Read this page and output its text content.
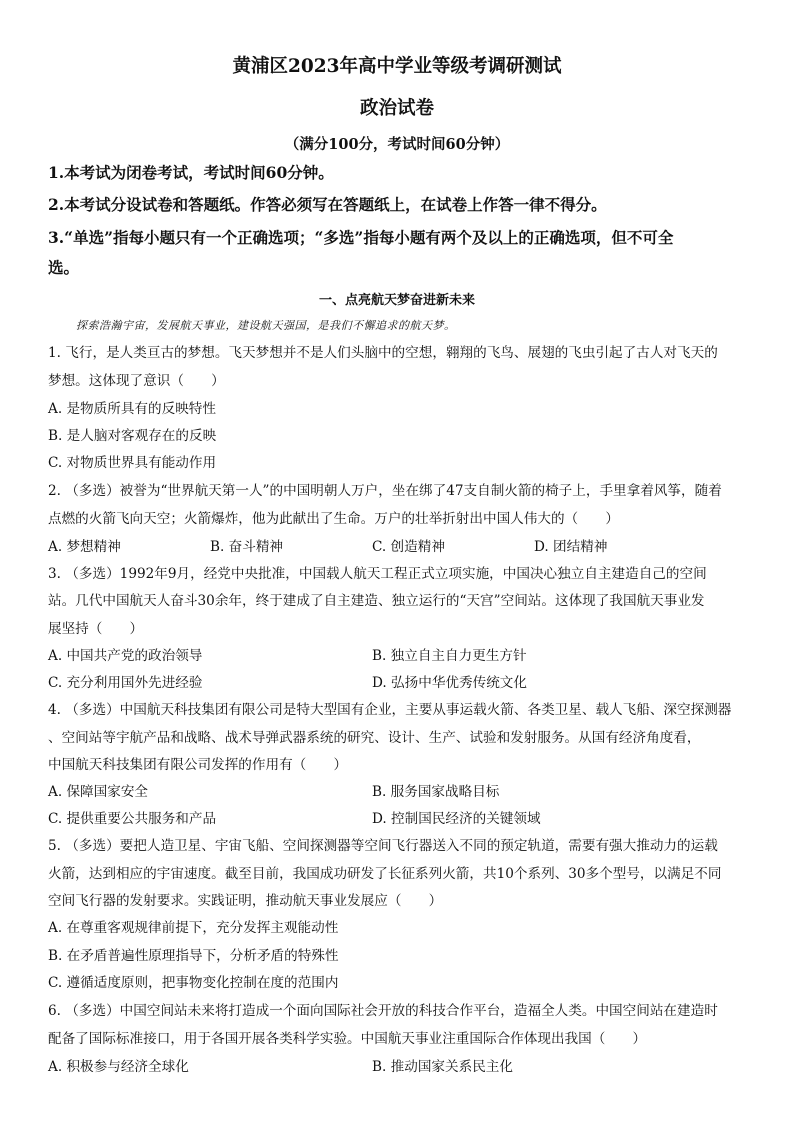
黄浦区2023年高中学业等级考调研测试
政治试卷
（满分100分，考试时间60分钟）
1.本考试为闭卷考试，考试时间60分钟。
2.本考试分设试卷和答题纸。作答必须写在答题纸上，在试卷上作答一律不得分。
3.“单选”指每小题只有一个正确选项；“多选”指每小题有两个及以上的正确选项，但不可全
选。
一、点亮航天梦奋进新未来
探索浩瀚宇宙，发展航天事业，建设航天强国，是我们不懈追求的航天梦。
1. 飞行，是人类亘古的梦想。飞天梦想并不是人们头脑中的空想，翱翔的飞鸟、展翅的飞虫引起了古人对飞天的
梦想。这体现了意识（　　）
A. 是物质所具有的反映特性
B. 是人脑对客观存在的反映
C. 对物质世界具有能动作用
2. （多选）被誉为“世界航天第一人”的中国明朝人万户，坐在绑了47支自制火箭的椅子上，手里拿着风筝，随着
点燃的火箭飞向天空；火箭爆炸，他为此献出了生命。万户的壮举折射出中国人伟大的（　　）
A. 梦想精神	B. 奋斗精神	C. 创造精神	D. 团结精神
3. （多选）1992年9月，经党中央批准，中国载人航天工程正式立项实施，中国决心独立自主建造自己的空间
站。几代中国航天人奋斗30余年，终于建成了自主建造、独立运行的“天宫”空间站。这体现了我国航天事业发
展坚持（　　）
A. 中国共产党的政治领导	B. 独立自主自力更生方针
C. 充分利用国外先进经验	D. 弘扬中华优秀传统文化
4. （多选）中国航天科技集团有限公司是特大型国有企业，主要从事运载火箭、各类卫星、载人飞船、深空探测器
、空间站等宇航产品和战略、战术导弹武器系统的研究、设计、生产、试验和发射服务。从国有经济角度看，
中国航天科技集团有限公司发挥的作用有（　　）
A. 保障国家安全	B. 服务国家战略目标
C. 提供重要公共服务和产品	D. 控制国民经济的关键领域
5. （多选）要把人造卫星、宇宙飞船、空间探测器等空间飞行器送入不同的预定轨道，需要有强大推动力的运载
火箭，达到相应的宇宙速度。截至目前，我国成功研发了长征系列火箭，共10个系列、30多个型号，以满足不同
空间飞行器的发射要求。实践证明，推动航天事业发展应（　　）
A. 在尊重客观规律前提下，充分发挥主观能动性
B. 在矛盾普遍性原理指导下，分析矛盾的特殊性
C. 遵循适度原则，把事物变化控制在度的范围内
6. （多选）中国空间站未来将打造成一个面向国际社会开放的科技合作平台，造福全人类。中国空间站在建造时
配备了国际标准接口，用于各国开展各类科学实验。中国航天事业注重国际合作体现出我国（　　）
A. 积极参与经济全球化	B. 推动国家关系民主化
